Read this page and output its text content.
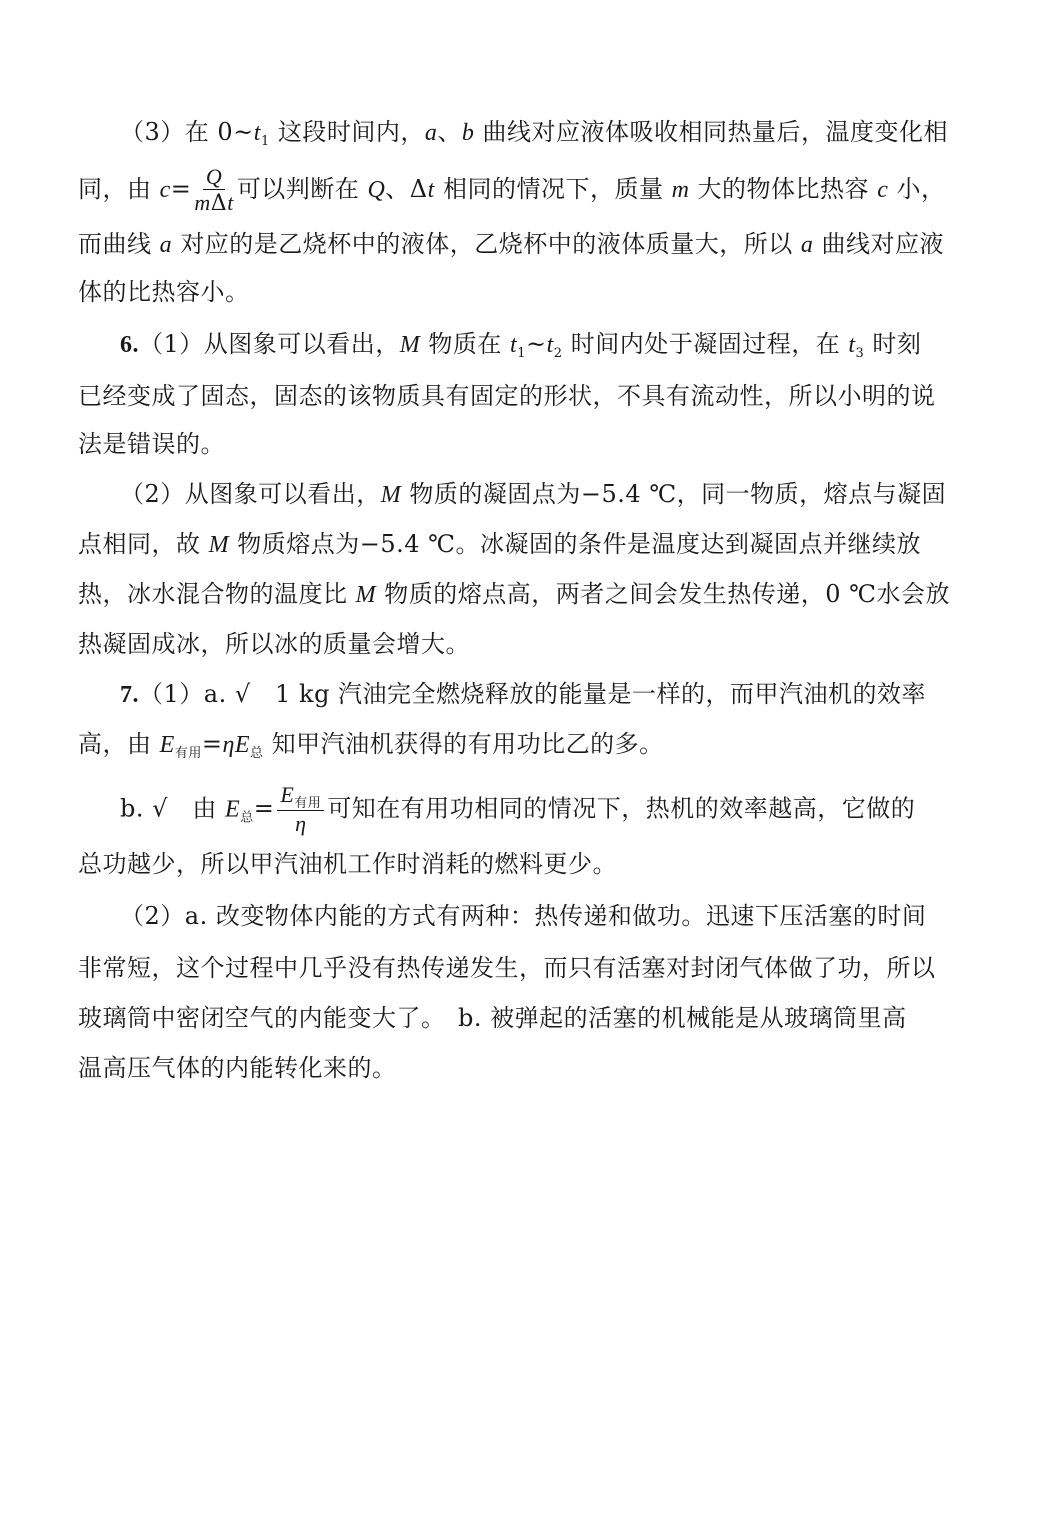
（3）在 $0\sim t_1$ 这段时间内，a、b 曲线对应液体吸收相同热量后，温度变化相
同，由 $c= \frac{Q}{\text{mΔt}}$ 可以判断在 Q、Δt 相同的情况下，质量 m 大的物体比热容 c 小，
而曲线 a 对应的是乙烧杯中的液体，乙烧杯中的液体质量大，所以 a 曲线对应液
体的比热容小。
6.（1）从图象可以看出，M 物质在 $t_1\sim t_2$ 时间内处于凝固过程，在 $t_3$ 时刻
已经变成了固态，固态的该物质具有固定的形状，不具有流动性，所以小明的说
法是错误的。
（2）从图象可以看出，M 物质的凝固点为−5.4 ℃，同一物质，熔点与凝固
点相同，故 M 物质熔点为−5.4 ℃。冰凝固的条件是温度达到凝固点并继续放
热，冰水混合物的温度比 M 物质的熔点高，两者之间会发生热传递，0 ℃水会放
热凝固成冰，所以冰的质量会增大。
7.（1）a. √　1 kg 汽油完全燃烧释放的能量是一样的，而甲汽油机的效率
高，由 $E_{有用}=\eta E_总$ 知甲汽油机获得的有用功比乙的多。
b. √　由 $E_总= \frac{E_{有用}}{\eta}$ 可知在有用功相同的情况下，热机的效率越高，它做的
总功越少，所以甲汽油机工作时消耗的燃料更少。
（2）a. 改变物体内能的方式有两种：热传递和做功。迅速下压活塞的时间
非常短，这个过程中几乎没有热传递发生，而只有活塞对封闭气体做了功，所以
玻璃筒中密闭空气的内能变大了。　b. 被弹起的活塞的机械能是从玻璃筒里高
温高压气体的内能转化来的。
